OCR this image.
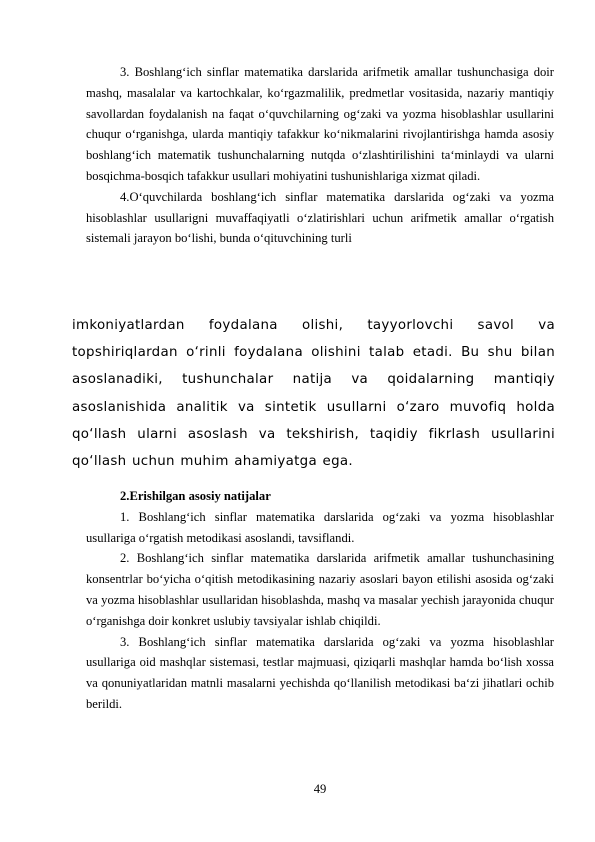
3. Boshlang‘ich sinflar matematika darslarida arifmetik amallar tushunchasiga doir mashq, masalalar va kartochkalar, ko‘rgazmalilik, predmetlar vositasida, nazariy mantiqiy savollardan foydalanish na faqat o‘quvchilarning og‘zaki va yozma hisoblashlar usullarini chuqur o‘rganishga, ularda mantiqiy tafakkur ko‘nikmalarini rivojlantirishga hamda asosiy boshlang‘ich matematik tushunchalarning nutqda o‘zlashtirilishini ta‘minlaydi va ularni bosqichma-bosqich tafakkur usullari mohiyatini tushunishlariga xizmat qiladi.

4.O‘quvchilarda boshlang‘ich sinflar matematika darslarida og‘zaki va yozma hisoblashlar usullarigni muvaffaqiyatli o‘zlatirishlari uchun arifmetik amallar o‘rgatish sistemali jarayon bo‘lishi, bunda o‘qituvchining turli

imkoniyatlardan foydalana olishi, tayyorlovchi savol va topshiriqlardan o‘rinli foydalana olishini talab etadi. Bu shu bilan asoslanadiki, tushunchalar natija va qoidalarning mantiqiy asoslanishida analitik va sintetik usullarni o‘zaro muvofiq holda qo‘llash ularni asoslash va tekshirish, taqidiy fikrlash usullarini qo‘llash uchun muhim ahamiyatga ega.

2.Erishilgan asosiy natijalar

1. Boshlang‘ich sinflar matematika darslarida og‘zaki va yozma hisoblashlar usullariga o‘rgatish metodikasi asoslandi, tavsiflandi.

2. Boshlang‘ich sinflar matematika darslarida arifmetik amallar tushunchasining konsentrlar bo‘yicha o‘qitish metodikasining nazariy asoslari bayon etilishi asosida og‘zaki va yozma hisoblashlar usullaridan hisoblashda, mashq va masalar yechish jarayonida chuqur o‘rganishga doir konkret uslubiy tavsiyalar ishlab chiqildi.

3. Boshlang‘ich sinflar matematika darslarida og‘zaki va yozma hisoblashlar usullariga oid mashqlar sistemasi, testlar majmuasi, qiziqarli mashqlar hamda bo‘lish xossa va qonuniyatlaridan matnli masalarni yechishda qo‘llanilish metodikasi ba‘zi jihatlari ochib berildi.

49
